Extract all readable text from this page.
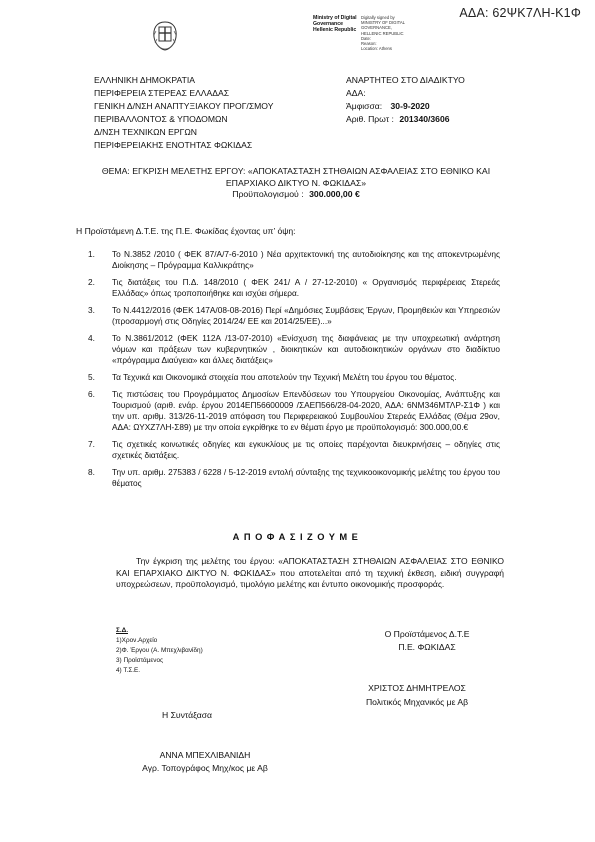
ΑΔΑ: 62ΨΚ7ΛΗ-Κ1Φ
Ministry of Digital
Governance
Hellenic Republic
Digitally signed by
MINISTRY OF DIGITAL
GOVERNANCE,
HELLENIC REPUBLIC
Date:
Reason:
Location: Athens
ΕΛΛΗΝΙΚΗ ΔΗΜΟΚΡΑΤΙΑ
ΠΕΡΙΦΕΡΕΙΑ ΣΤΕΡΕΑΣ ΕΛΛΑΔΑΣ
ΓΕΝΙΚΗ Δ/ΝΣΗ ΑΝΑΠΤΥΞΙΑΚΟΥ ΠΡΟΓ/ΣΜΟΥ
ΠΕΡΙΒΑΛΛΟΝΤΟΣ & ΥΠΟΔΟΜΩΝ
Δ/ΝΣΗ ΤΕΧΝΙΚΩΝ ΕΡΓΩΝ
ΠΕΡΙΦΕΡΕΙΑΚΗΣ ΕΝΟΤΗΤΑΣ ΦΩΚΙΔΑΣ
ΑΝΑΡΤΗΤΕΟ ΣΤΟ ΔΙΑΔΙΚΤΥΟ
ΑΔΑ:
Άμφισσα: 30-9-2020
Αριθ. Πρωτ : 201340/3606
ΘΕΜΑ: ΕΓΚΡΙΣΗ ΜΕΛΕΤΗΣ ΕΡΓΟΥ: «ΑΠΟΚΑΤΑΣΤΑΣΗ ΣΤΗΘΑΙΩΝ ΑΣΦΑΛΕΙΑΣ ΣΤΟ ΕΘΝΙΚΟ ΚΑΙ
ΕΠΑΡΧΙΑΚΟ ΔΙΚΤΥΟ Ν. ΦΩΚΙΔΑΣ»
Προϋπολογισμού : 300.000,00 €
Η Προϊστάμενη Δ.Τ.Ε. της Π.Ε. Φωκίδας έχοντας υπ’ όψη:
1. Το Ν.3852 /2010 ( ΦΕΚ 87/Α/7-6-2010 ) Νέα αρχιτεκτονική της αυτοδιοίκησης και της αποκεντρωμένης Διοίκησης – Πρόγραμμα Καλλικράτης»
2. Τις διατάξεις του Π.Δ. 148/2010 ( ΦΕΚ 241/ Α / 27-12-2010) « Οργανισμός περιφέρειας Στερεάς Ελλάδας» όπως τροποποιήθηκε και ισχύει σήμερα.
3. Το Ν.4412/2016 (ΦΕΚ 147Α/08-08-2016) Περί «Δημόσιες Συμβάσεις Έργων, Προμηθειών και Υπηρεσιών (προσαρμογή στις Οδηγίες 2014/24/ ΕΕ και 2014/25/ΕΕ)...»
4. Το Ν.3861/2012 (ΦΕΚ 112Α /13-07-2010) «Ενίσχυση της διαφάνειας με την υποχρεωτική ανάρτηση νόμων και πράξεων των κυβερνητικών , διοικητικών και αυτοδιοικητικών οργάνων στο διαδίκτυο «πρόγραμμα Διαύγεια» και άλλες διατάξεις»
5. Τα Τεχνικά και Οικονομικά στοιχεία που αποτελούν την Τεχνική Μελέτη του έργου του θέματος.
6. Τις πιστώσεις του Προγράμματος Δημοσίων Επενδύσεων του Υπουργείου Οικονομίας, Ανάπτυξης και Τουρισμού (αριθ. ενάρ. έργου 2014ΕΠ56600009 /ΣΑΕΠ566/28-04-2020, ΑΔΑ: 6ΝΜ346ΜΤΛΡ-Σ1Φ ) και την υπ. αριθμ. 313/26-11-2019 απόφαση του Περιφερειακού Συμβουλίου Στερεάς Ελλάδας (Θέμα 29ον, ΑΔΑ: ΩΥΧΖ7ΛΗ-Σ89) με την οποία εγκρίθηκε το εν θέματι έργο με προϋπολογισμό: 300.000,00.€
7. Τις σχετικές κοινωτικές οδηγίες και εγκυκλίους με τις οποίες παρέχονται διευκρινήσεις – οδηγίες στις σχετικές διατάξεις.
8. Την υπ. αριθμ. 275383 / 6228 / 5-12-2019 εντολή σύνταξης της τεχνικοοικονομικής μελέτης του έργου του θέματος
ΑΠΟΦΑΣΙΖΟΥΜΕ
Την έγκριση της μελέτης του έργου: «ΑΠΟΚΑΤΑΣΤΑΣΗ ΣΤΗΘΑΙΩΝ ΑΣΦΑΛΕΙΑΣ ΣΤΟ ΕΘΝΙΚΟ ΚΑΙ ΕΠΑΡΧΙΑΚΟ ΔΙΚΤΥΟ Ν. ΦΩΚΙΔΑΣ» που αποτελείται από τη τεχνική έκθεση, ειδική συγγραφή υποχρεώσεων, προϋπολογισμό, τιμολόγιο μελέτης και έντυπο οικονομικής προσφοράς.
Σ.Δ.
1)Χρον.Αρχείο
2)Φ. Έργου (Α. Μπεχλιβανίδη)
3) Προϊστάμενος
4) Τ.Σ.Ε.
Ο Προϊστάμενος Δ.Τ.Ε
Π.Ε. ΦΩΚΙΔΑΣ
ΧΡΙΣΤΟΣ ΔΗΜΗΤΡΕΛΟΣ
Πολιτικός Μηχανικός με Αβ
Η Συντάξασα
ΑΝΝΑ ΜΠΕΧΛΙΒΑΝΙΔΗ
Αγρ. Τοπογράφος Μηχ/κος με Αβ
